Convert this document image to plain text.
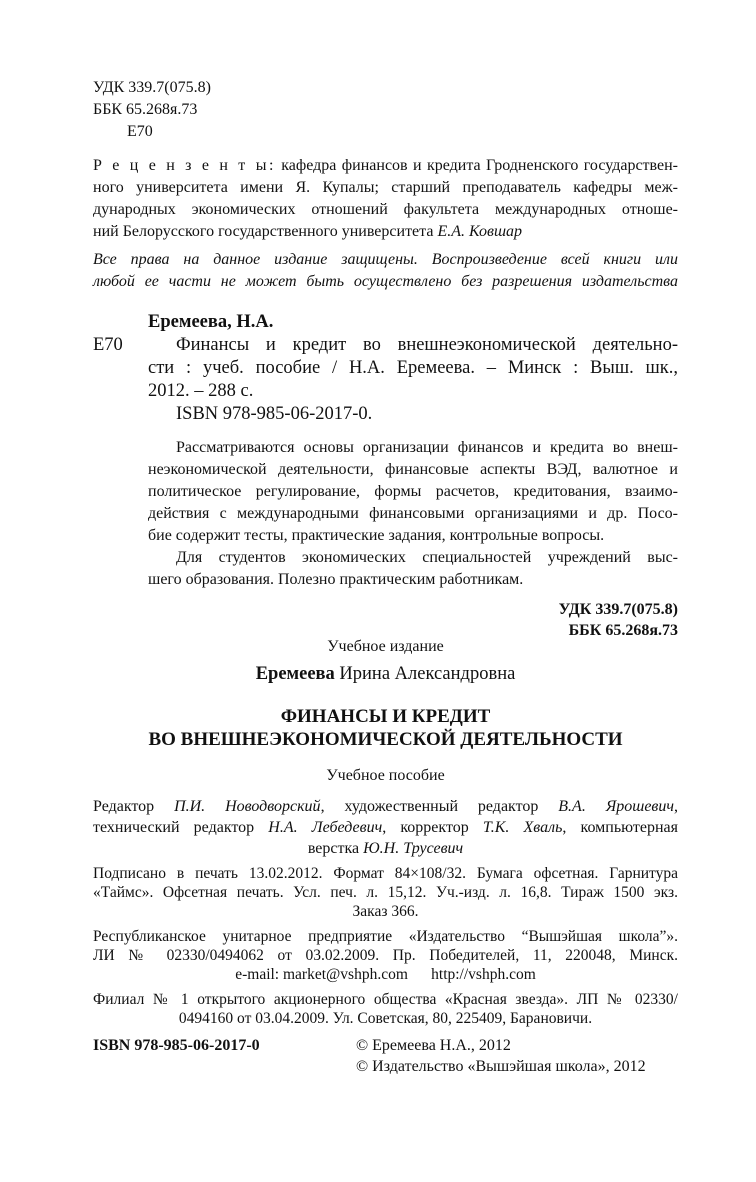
УДК 339.7(075.8)
ББК 65.268я.73
Е70
Р е ц е н з е н т ы: кафедра финансов и кредита Гродненского государствен-
ного университета имени Я. Купалы; старший преподаватель кафедры меж-
дународных экономических отношений факультета международных отноше-
ний Белорусского государственного университета Е.А. Ковшар
Все права на данное издание защищены. Воспроизведение всей книги или
любой ее части не может быть осуществлено без разрешения издательства
Еремеева, Н.А.
Е70	Финансы и кредит во внешнеэкономической деятельно-
сти : учеб. пособие / Н.А. Еремеева. – Минск : Выш. шк.,
2012. – 288 с.
ISBN 978-985-06-2017-0.
Рассматриваются основы организации финансов и кредита во внеш-
неэкономической деятельности, финансовые аспекты ВЭД, валютное и
политическое регулирование, формы расчетов, кредитования, взаимо-
действия с международными финансовыми организациями и др. Посо-
бие содержит тесты, практические задания, контрольные вопросы.
Для студентов экономических специальностей учреждений выс-
шего образования. Полезно практическим работникам.
УДК 339.7(075.8)
ББК 65.268я.73
Учебное издание
Еремеева Ирина Александровна
ФИНАНСЫ И КРЕДИТ
ВО ВНЕШНЕЭКОНОМИЧЕСКОЙ ДЕЯТЕЛЬНОСТИ
Учебное пособие
Редактор П.И. Новодворский, художественный редактор В.А. Ярошевич,
технический редактор Н.А. Лебедевич, корректор Т.К. Хваль, компьютерная
верстка Ю.Н. Трусевич
Подписано в печать 13.02.2012. Формат 84×108/32. Бумага офсетная. Гарнитура
«Таймс». Офсетная печать. Усл. печ. л. 15,12. Уч.-изд. л. 16,8. Тираж 1500 экз.
Заказ 366.
Республиканское унитарное предприятие «Издательство “Вышэйшая школа”».
ЛИ № 02330/0494062 от 03.02.2009. Пр. Победителей, 11, 220048, Минск.
e-mail: market@vshph.com      http://vshph.com
Филиал № 1 открытого акционерного общества «Красная звезда». ЛП № 02330/
0494160 от 03.04.2009. Ул. Советская, 80, 225409, Барановичи.
ISBN 978-985-06-2017-0	© Еремеева Н.А., 2012
© Издательство «Вышэйшая школа», 2012
